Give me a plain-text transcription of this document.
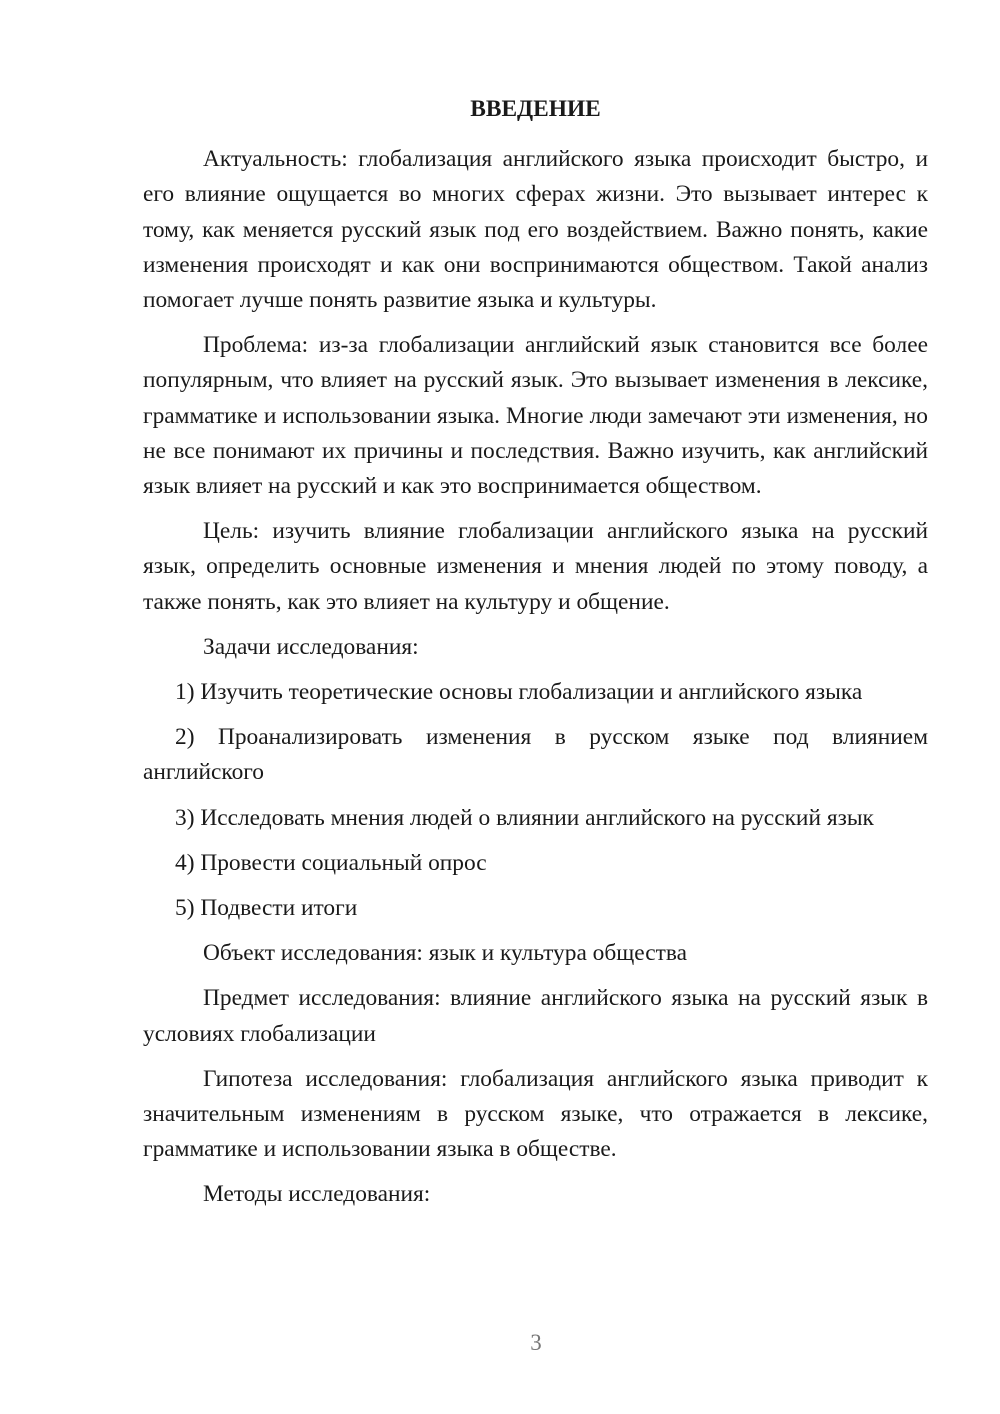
ВВЕДЕНИЕ

Актуальность: глобализация английского языка происходит быстро, и его влияние ощущается во многих сферах жизни. Это вызывает интерес к тому, как меняется русский язык под его воздействием. Важно понять, какие изменения происходят и как они воспринимаются обществом. Такой анализ помогает лучше понять развитие языка и культуры.

Проблема: из-за глобализации английский язык становится все более популярным, что влияет на русский язык. Это вызывает изменения в лексике, грамматике и использовании языка. Многие люди замечают эти изменения, но не все понимают их причины и последствия. Важно изучить, как английский язык влияет на русский и как это воспринимается обществом.

Цель: изучить влияние глобализации английского языка на русский язык, определить основные изменения и мнения людей по этому поводу, а также понять, как это влияет на культуру и общение.

Задачи исследования:

1) Изучить теоретические основы глобализации и английского языка

2) Проанализировать изменения в русском языке под влиянием английского

3) Исследовать мнения людей о влиянии английского на русский язык

4) Провести социальный опрос

5) Подвести итоги

Объект исследования: язык и культура общества

Предмет исследования: влияние английского языка на русский язык в условиях глобализации

Гипотеза исследования: глобализация английского языка приводит к значительным изменениям в русском языке, что отражается в лексике, грамматике и использовании языка в обществе.

Методы исследования:

3
